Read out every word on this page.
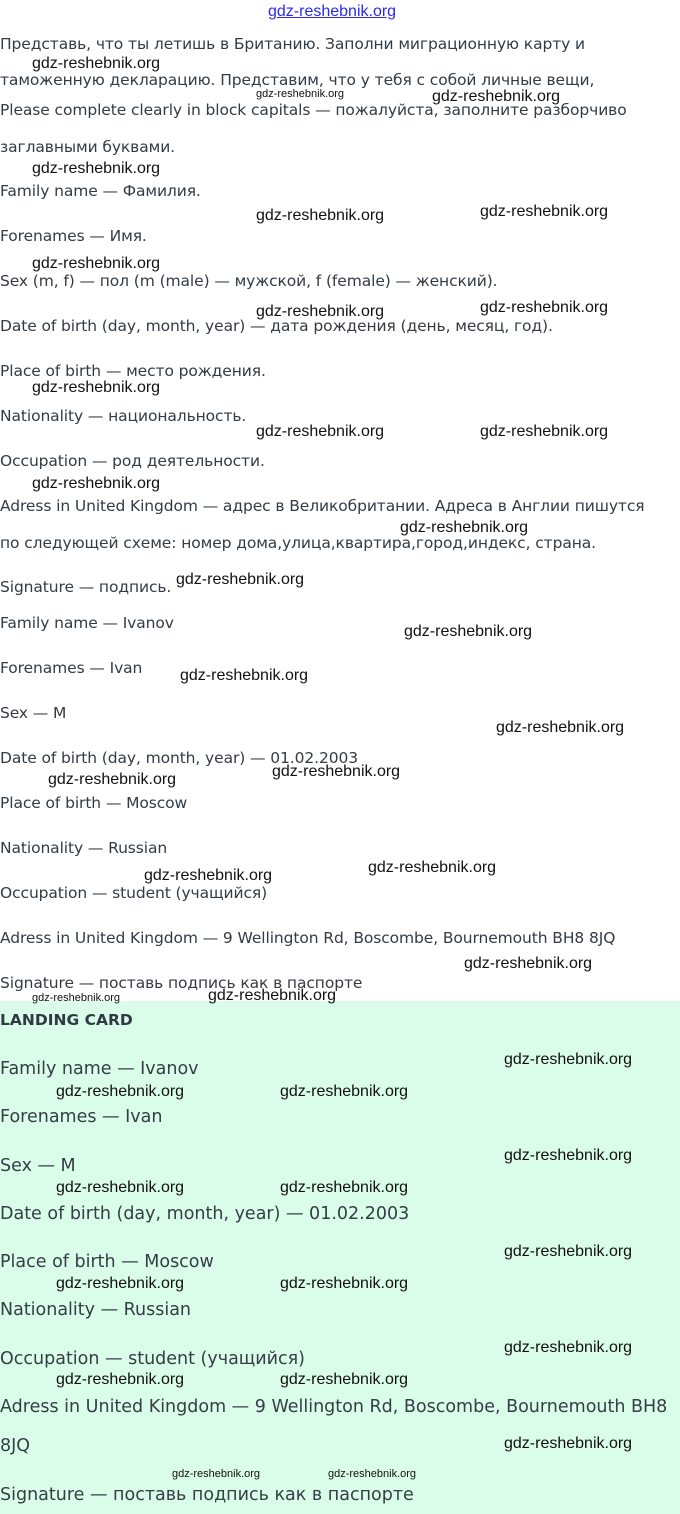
gdz-reshebnik.org
Представь, что ты летишь в Британию. Заполни миграционную карту и
таможенную декларацию. Представим, что у тебя с собой личные вещи,
Please complete clearly in block capitals — пожалуйста, заполните разборчиво
заглавными буквами.
Family name — Фамилия.
Forenames — Имя.
Sex (m, f) — пол (m (male) — мужской, f (female) — женский).
Date of birth (day, month, year) — дата рождения (день, месяц, год).
Place of birth — место рождения.
Nationality — национальность.
Occupation — род деятельности.
Adress in United Kingdom — адрес в Великобритании. Адреса в Англии пишутся
по следующей схеме: номер дома,улица,квартира,город,индекс, страна.
Signature — подпись.
Family name — Ivanov
Forenames — Ivan
Sex — M
Date of birth (day, month, year) — 01.02.2003
Place of birth — Moscow
Nationality — Russian
Occupation — student (учащийся)
Adress in United Kingdom — 9 Wellington Rd, Boscombe, Bournemouth BH8 8JQ
Signature — поставь подпись как в паспорте
LANDING CARD
Family name — Ivanov
Forenames — Ivan
Sex — M
Date of birth (day, month, year) — 01.02.2003
Place of birth — Moscow
Nationality — Russian
Occupation — student (учащийся)
Adress in United Kingdom — 9 Wellington Rd, Boscombe, Bournemouth BH8
8JQ
Signature — поставь подпись как в паспорте
gdz-reshebnik.org
gdz-reshebnik.org	gdz-reshebnik.org
gdz-reshebnik.org
gdz-reshebnik.org	gdz-reshebnik.org
gdz-reshebnik.org
gdz-reshebnik.org	gdz-reshebnik.org
gdz-reshebnik.org
gdz-reshebnik.org	gdz-reshebnik.org
gdz-reshebnik.org
gdz-reshebnik.org
gdz-reshebnik.org
gdz-reshebnik.org
gdz-reshebnik.org
gdz-reshebnik.org
gdz-reshebnik.org	gdz-reshebnik.org
gdz-reshebnik.org	gdz-reshebnik.org
gdz-reshebnik.org
gdz-reshebnik.org	gdz-reshebnik.org
gdz-reshebnik.org
gdz-reshebnik.org	gdz-reshebnik.org
gdz-reshebnik.org
gdz-reshebnik.org	gdz-reshebnik.org
gdz-reshebnik.org
gdz-reshebnik.org	gdz-reshebnik.org
gdz-reshebnik.org
gdz-reshebnik.org	gdz-reshebnik.org
gdz-reshebnik.org
gdz-reshebnik.org	gdz-reshebnik.org
